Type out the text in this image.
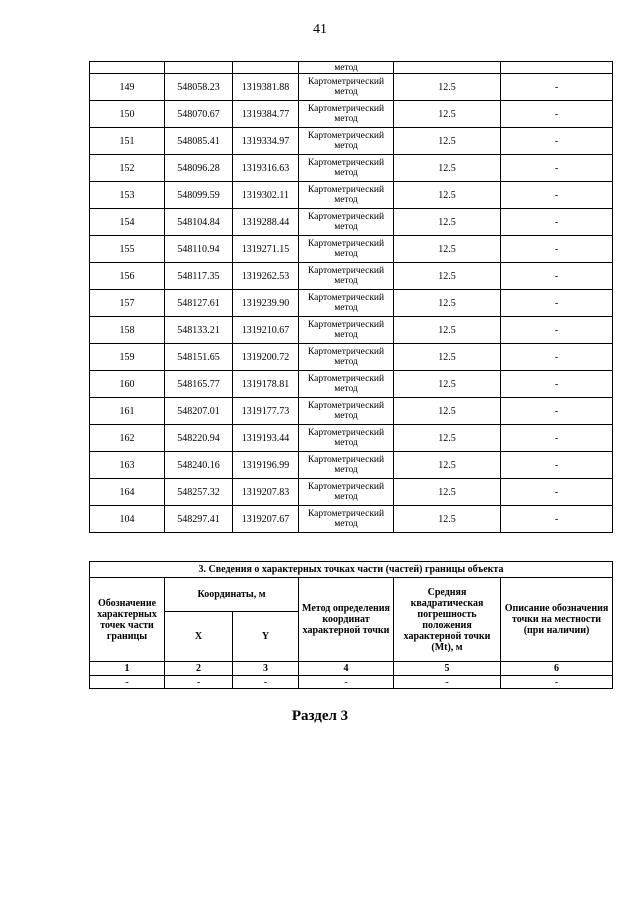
41
			метод		
149	548058.23	1319381.88	Картометрический
метод	12.5	-
150	548070.67	1319384.77	Картометрический
метод	12.5	-
151	548085.41	1319334.97	Картометрический
метод	12.5	-
152	548096.28	1319316.63	Картометрический
метод	12.5	-
153	548099.59	1319302.11	Картометрический
метод	12.5	-
154	548104.84	1319288.44	Картометрический
метод	12.5	-
155	548110.94	1319271.15	Картометрический
метод	12.5	-
156	548117.35	1319262.53	Картометрический
метод	12.5	-
157	548127.61	1319239.90	Картометрический
метод	12.5	-
158	548133.21	1319210.67	Картометрический
метод	12.5	-
159	548151.65	1319200.72	Картометрический
метод	12.5	-
160	548165.77	1319178.81	Картометрический
метод	12.5	-
161	548207.01	1319177.73	Картометрический
метод	12.5	-
162	548220.94	1319193.44	Картометрический
метод	12.5	-
163	548240.16	1319196.99	Картометрический
метод	12.5	-
164	548257.32	1319207.83	Картометрический
метод	12.5	-
104	548297.41	1319207.67	Картометрический
метод	12.5	-
3. Сведения о характерных точках части (частей) границы объекта					
Обозначение характерных точек части границы	Координаты, м		Метод определения координат характерной точки	Средняя квадратическая погрешность положения характерной точки (Mt), м	Описание обозначения точки на местности (при наличии)
	X	Y			
1	2	3	4	5	6
-	-	-	-	-	-
Раздел 3
